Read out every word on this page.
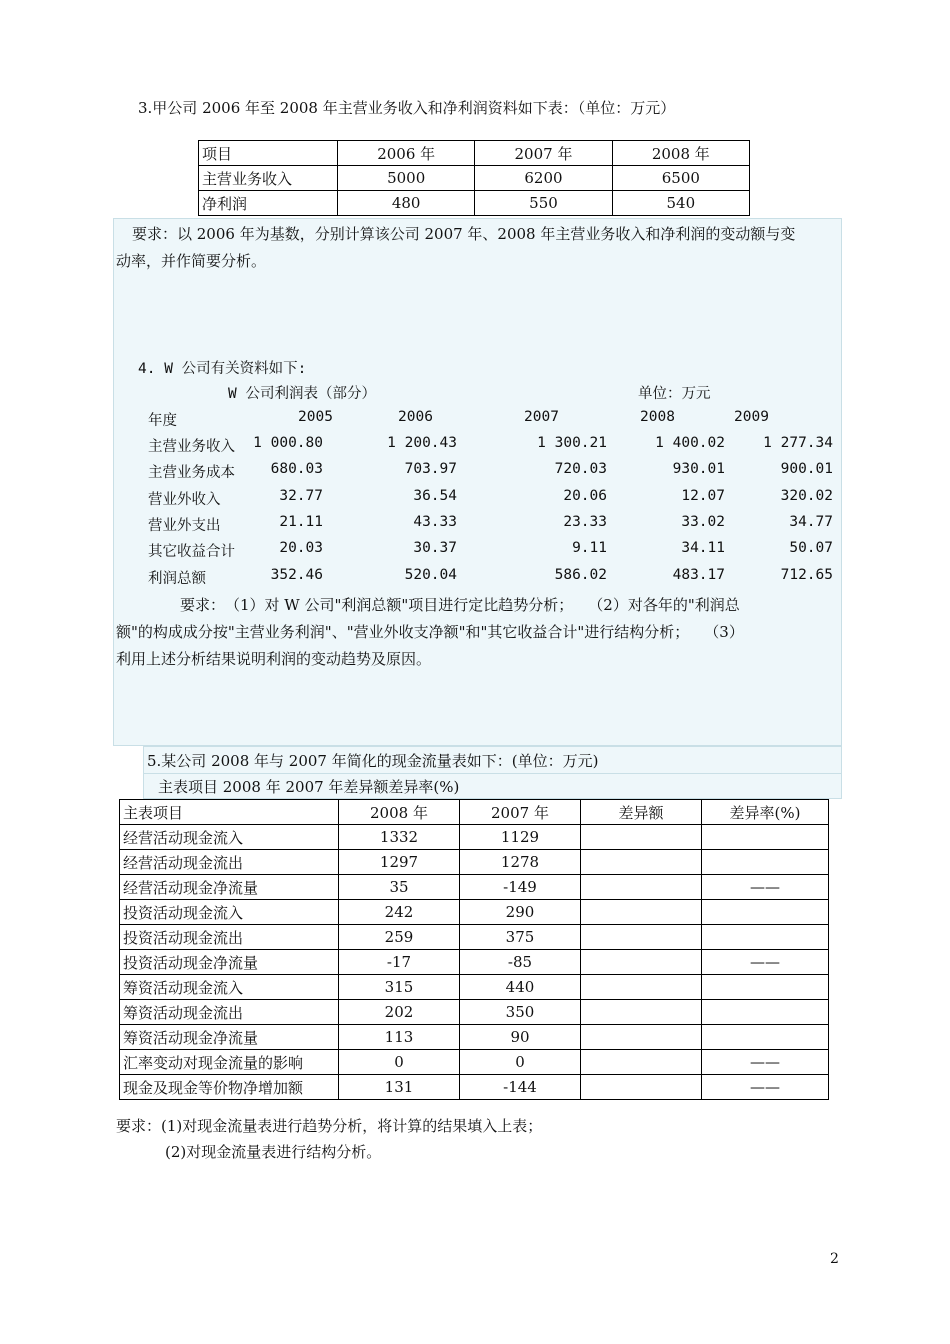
3.甲公司 2006 年至 2008 年主营业务收入和净利润资料如下表：（单位：万元）
项目	2006 年	2007 年	2008 年
主营业务收入	5000	6200	6500
净利润	480	550	540
要求：以 2006 年为基数，分别计算该公司 2007 年、2008 年主营业务收入和净利润的变动额与变
动率，并作简要分析。
4. W 公司有关资料如下:
W 公司利润表（部分）	单位：万元
年度	2005	2006	2007	2008	2009
主营业务收入 1 000.80	1 200.43	1 300.21	1 400.02	1 277.34
主营业务成本 680.03	703.97	720.03	930.01	900.01
营业外收入	32.77	36.54	20.06	12.07	320.02
营业外支出	21.11	43.33	23.33	33.02	34.77
其它收益合计	20.03	30.37	9.11	34.11	50.07
利润总额	352.46	520.04	586.02	483.17	712.65
要求：　（1）对 W 公司"利润总额"项目进行定比趋势分析；　　（2）对各年的"利润总
额"的构成成分按"主营业务利润"、"营业外收支净额"和"其它收益合计"进行结构分析；　　（3）
利用上述分析结果说明利润的变动趋势及原因。
5.某公司 2008 年与 2007 年简化的现金流量表如下：(单位：万元)
主表项目 2008 年 2007 年差异额差异率(%)
主表项目	2008 年	2007 年	差异额	差异率(%)
经营活动现金流入	1332	1129		
经营活动现金流出	1297	1278		
经营活动现金净流量	35	-149		——
投资活动现金流入	242	290		
投资活动现金流出	259	375		
投资活动现金净流量	-17	-85		——
筹资活动现金流入	315	440		
筹资活动现金流出	202	350		
筹资活动现金净流量	113	90		
汇率变动对现金流量的影响	0	0		——
现金及现金等价物净增加额	131	-144		——
要求：(1)对现金流量表进行趋势分析，将计算的结果填入上表；
(2)对现金流量表进行结构分析。
2
